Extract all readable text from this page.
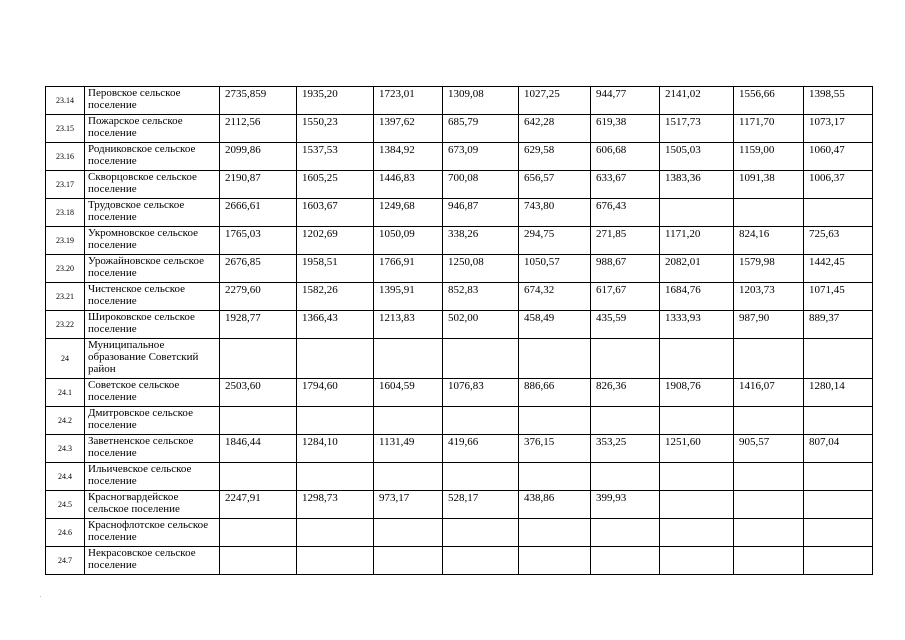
23.14	Перовское сельское поселение	2735,859	1935,20	1723,01	1309,08	1027,25	944,77	2141,02	1556,66	1398,55
23.15	Пожарское сельское поселение	2112,56	1550,23	1397,62	685,79	642,28	619,38	1517,73	1171,70	1073,17
23.16	Родниковское сельское поселение	2099,86	1537,53	1384,92	673,09	629,58	606,68	1505,03	1159,00	1060,47
23.17	Скворцовское сельское поселение	2190,87	1605,25	1446,83	700,08	656,57	633,67	1383,36	1091,38	1006,37
23.18	Трудовское сельское поселение	2666,61	1603,67	1249,68	946,87	743,80	676,43			
23.19	Укромновское сельское поселение	1765,03	1202,69	1050,09	338,26	294,75	271,85	1171,20	824,16	725,63
23.20	Урожайновское сельское поселение	2676,85	1958,51	1766,91	1250,08	1050,57	988,67	2082,01	1579,98	1442,45
23.21	Чистенское сельское поселение	2279,60	1582,26	1395,91	852,83	674,32	617,67	1684,76	1203,73	1071,45
23.22	Широковское сельское поселение	1928,77	1366,43	1213,83	502,00	458,49	435,59	1333,93	987,90	889,37
24	Муниципальное образование Советский район									
24.1	Советское сельское поселение	2503,60	1794,60	1604,59	1076,83	886,66	826,36	1908,76	1416,07	1280,14
24.2	Дмитровское сельское поселение									
24.3	Заветненское сельское поселение	1846,44	1284,10	1131,49	419,66	376,15	353,25	1251,60	905,57	807,04
24.4	Ильичевское сельское поселение									
24.5	Красногвардейское сельское поселение	2247,91	1298,73	973,17	528,17	438,86	399,93			
24.6	Краснофлотское сельское поселение									
24.7	Некрасовское сельское поселение									
